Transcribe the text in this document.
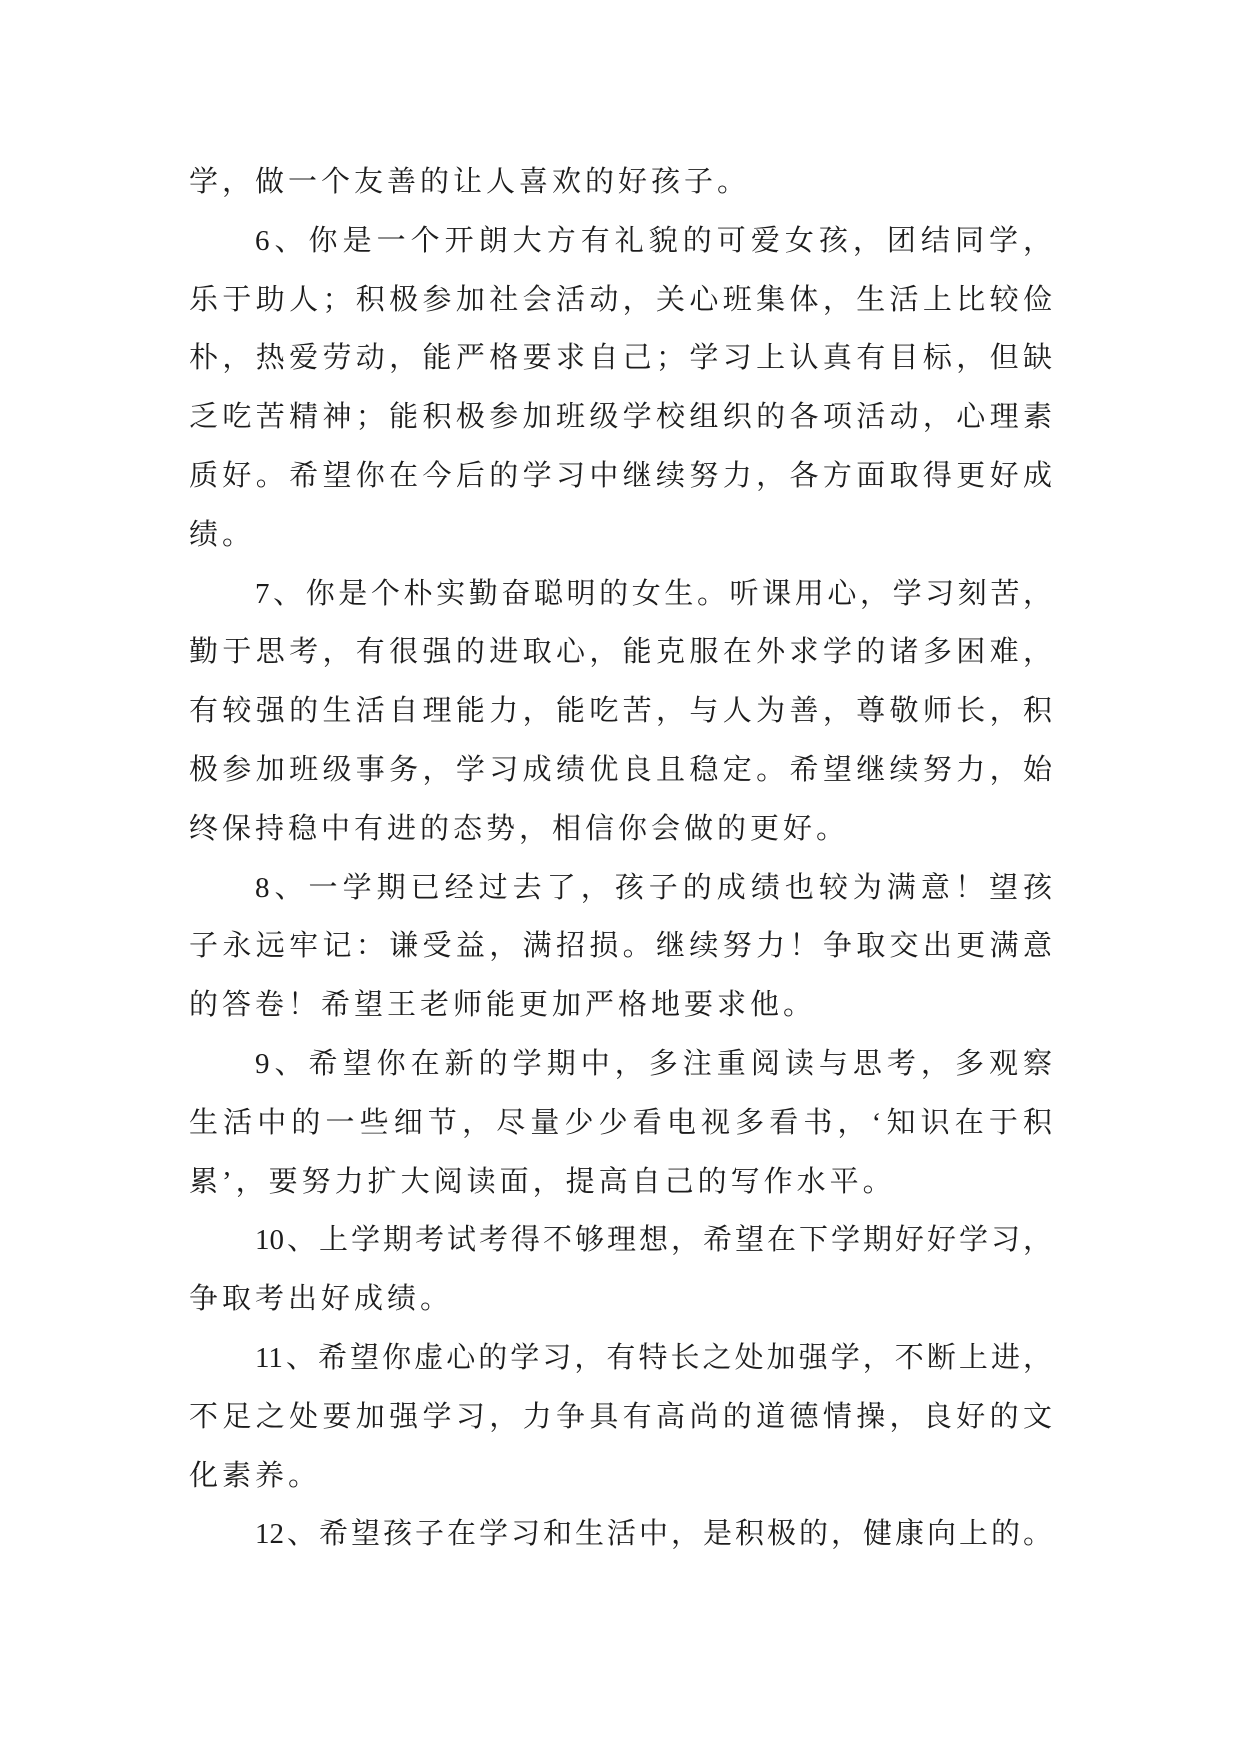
学，做一个友善的让人喜欢的好孩子。
6、你是一个开朗大方有礼貌的可爱女孩，团结同学，
乐于助人；积极参加社会活动，关心班集体，生活上比较俭
朴，热爱劳动，能严格要求自己；学习上认真有目标，但缺
乏吃苦精神；能积极参加班级学校组织的各项活动，心理素
质好。希望你在今后的学习中继续努力，各方面取得更好成
绩。
7、你是个朴实勤奋聪明的女生。听课用心，学习刻苦，
勤于思考，有很强的进取心，能克服在外求学的诸多困难，
有较强的生活自理能力，能吃苦，与人为善，尊敬师长，积
极参加班级事务，学习成绩优良且稳定。希望继续努力，始
终保持稳中有进的态势，相信你会做的更好。
8、一学期已经过去了，孩子的成绩也较为满意！望孩
子永远牢记：谦受益，满招损。继续努力！争取交出更满意
的答卷！希望王老师能更加严格地要求他。
9、希望你在新的学期中，多注重阅读与思考，多观察
生活中的一些细节，尽量少少看电视多看书，‘知识在于积
累’，要努力扩大阅读面，提高自己的写作水平。
10、上学期考试考得不够理想，希望在下学期好好学习，
争取考出好成绩。
11、希望你虚心的学习，有特长之处加强学，不断上进，
不足之处要加强学习，力争具有高尚的道德情操，良好的文
化素养。
12、希望孩子在学习和生活中，是积极的，健康向上的。
